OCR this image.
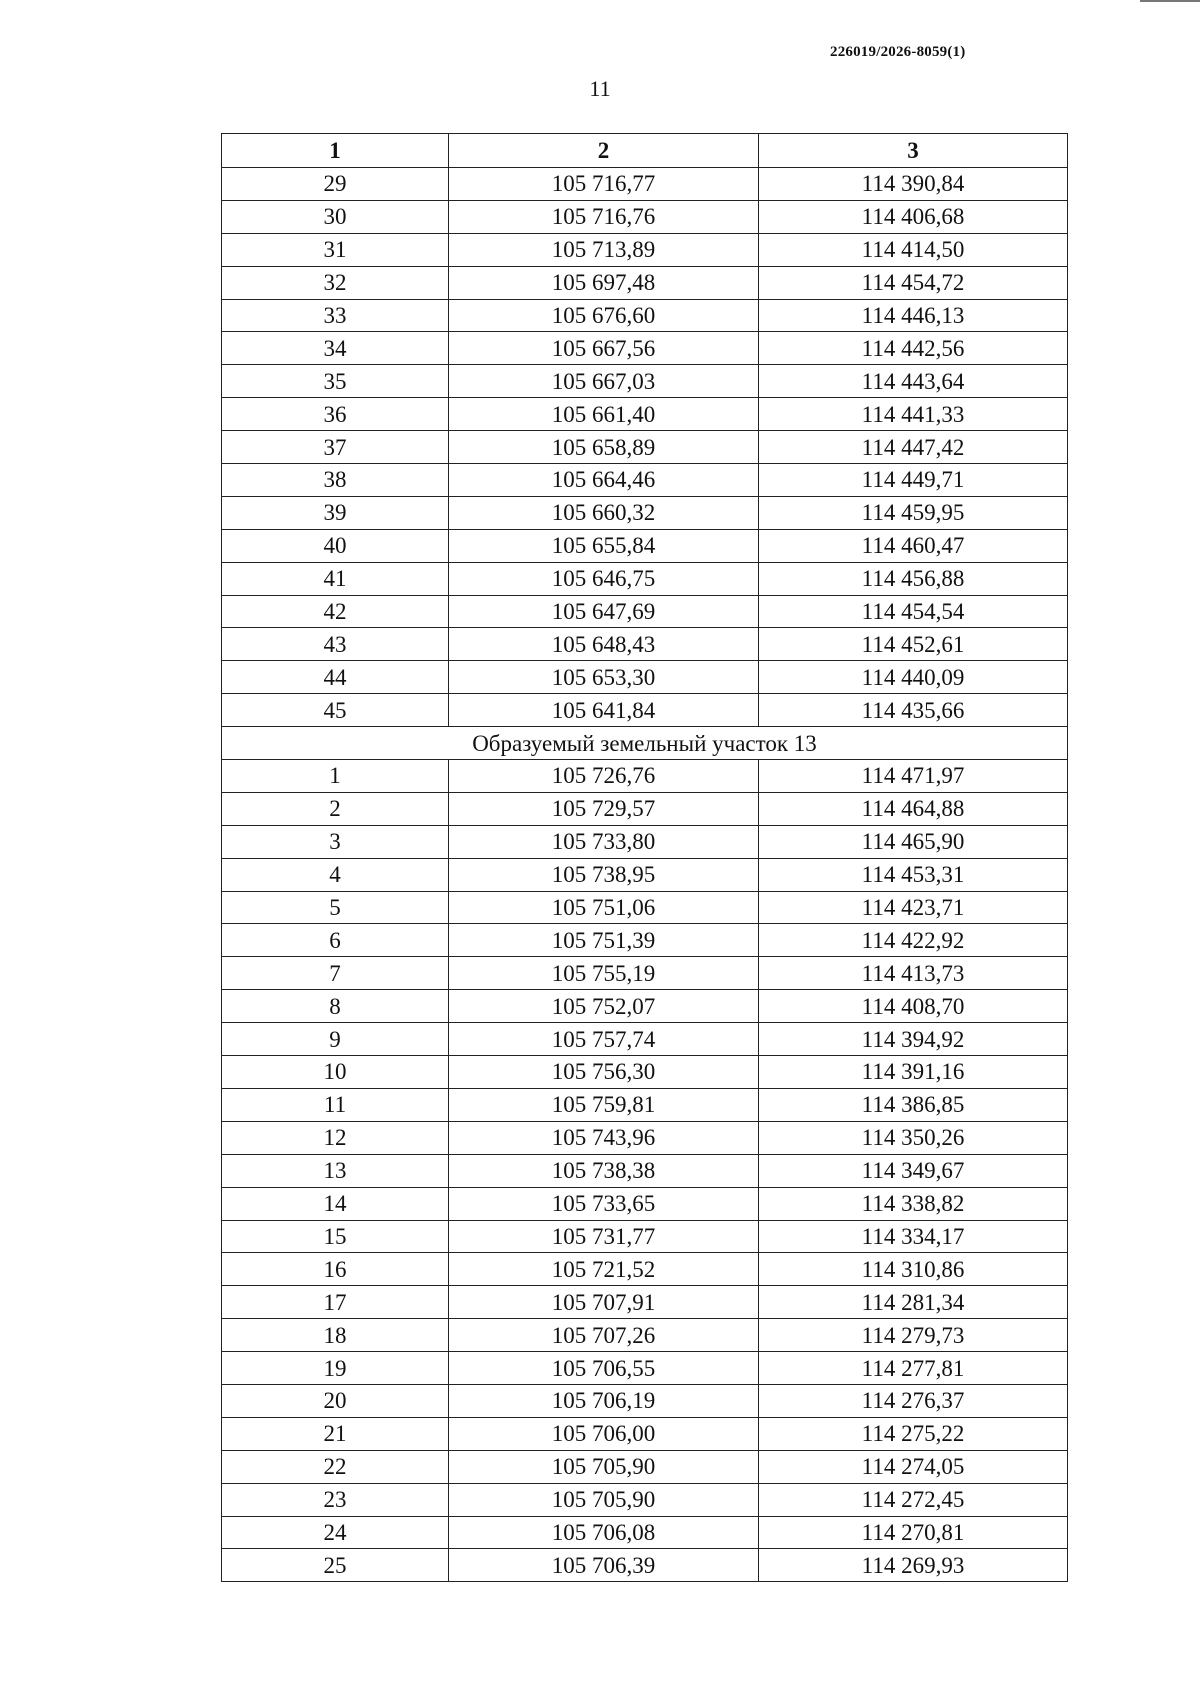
226019/2026-8059(1)
11
1	2	3
29	105 716,77	114 390,84
30	105 716,76	114 406,68
31	105 713,89	114 414,50
32	105 697,48	114 454,72
33	105 676,60	114 446,13
34	105 667,56	114 442,56
35	105 667,03	114 443,64
36	105 661,40	114 441,33
37	105 658,89	114 447,42
38	105 664,46	114 449,71
39	105 660,32	114 459,95
40	105 655,84	114 460,47
41	105 646,75	114 456,88
42	105 647,69	114 454,54
43	105 648,43	114 452,61
44	105 653,30	114 440,09
45	105 641,84	114 435,66
Образуемый земельный участок 13		
1	105 726,76	114 471,97
2	105 729,57	114 464,88
3	105 733,80	114 465,90
4	105 738,95	114 453,31
5	105 751,06	114 423,71
6	105 751,39	114 422,92
7	105 755,19	114 413,73
8	105 752,07	114 408,70
9	105 757,74	114 394,92
10	105 756,30	114 391,16
11	105 759,81	114 386,85
12	105 743,96	114 350,26
13	105 738,38	114 349,67
14	105 733,65	114 338,82
15	105 731,77	114 334,17
16	105 721,52	114 310,86
17	105 707,91	114 281,34
18	105 707,26	114 279,73
19	105 706,55	114 277,81
20	105 706,19	114 276,37
21	105 706,00	114 275,22
22	105 705,90	114 274,05
23	105 705,90	114 272,45
24	105 706,08	114 270,81
25	105 706,39	114 269,93
